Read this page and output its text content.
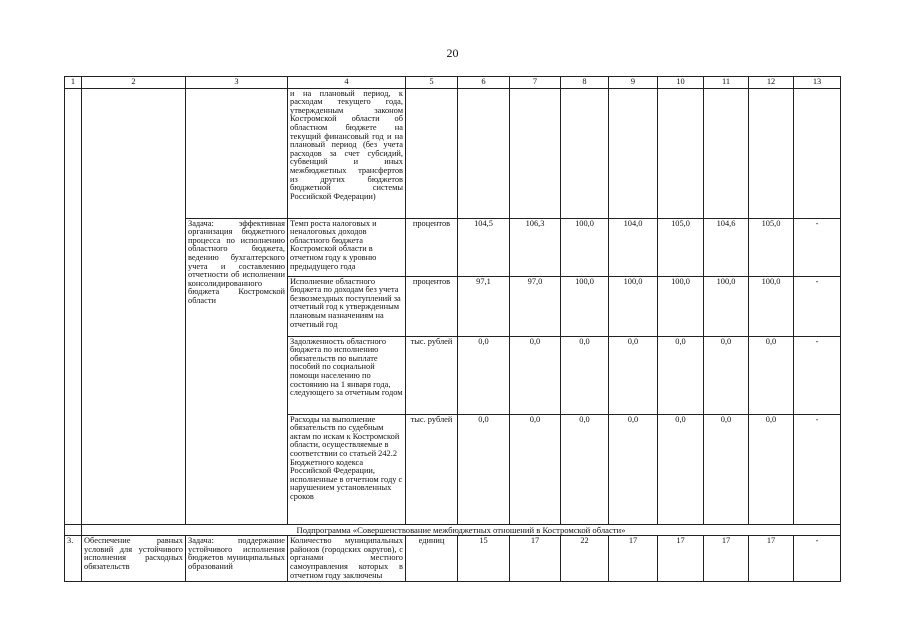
20
1	2	3	4	5	6	7	8	9	10	11	12	13
			и на плановый период, к расходам текущего года, утвержденным законом Костромской области об областном бюджете на текущий финансовый год и на плановый период (без учета расходов за счет субсидий, субвенций и иных межбюджетных трансфертов из других бюджетов бюджетной системы Российской Федерации)									
		Задача: эффективная организация бюджетного процесса по исполнению областного бюджета, ведению бухгалтерского учета и составлению отчетности об исполнении консолидированного бюджета Костромской области	Темп роста налоговых и неналоговых доходов областного бюджета Костромской области в отчетном году к уровню предыдущего года	процентов	104,5	106,3	100,0	104,0	105,0	104,6	105,0	-
			Исполнение областного бюджета по доходам без учета безвозмездных поступлений за отчетный год к утвержденным плановым назначениям на отчетный год	процентов	97,1	97,0	100,0	100,0	100,0	100,0	100,0	-
			Задолженность областного бюджета по исполнению обязательств по выплате пособий по социальной помощи населению по состоянию на 1 января года, следующего за отчетным годом	тыс. рублей	0,0	0,0	0,0	0,0	0,0	0,0	0,0	-
			Расходы на выполнение обязательств по судебным актам по искам к Костромской области, осуществляемые в соответствии со статьей 242.2 Бюджетного кодекса Российской Федерации, исполненные в отчетном году с нарушением установленных сроков	тыс. рублей	0,0	0,0	0,0	0,0	0,0	0,0	0,0	-
	Подпрограмма «Совершенствование межбюджетных отношений в Костромской области»											
3.	Обеспечение равных условий для устойчивого исполнения расходных обязательств	Задача: поддержание устойчивого исполнения бюджетов муниципальных образований	Количество муниципальных районов (городских округов), с органами местного самоуправления которых в отчетном году заключены	единиц	15	17	22	17	17	17	17	-
